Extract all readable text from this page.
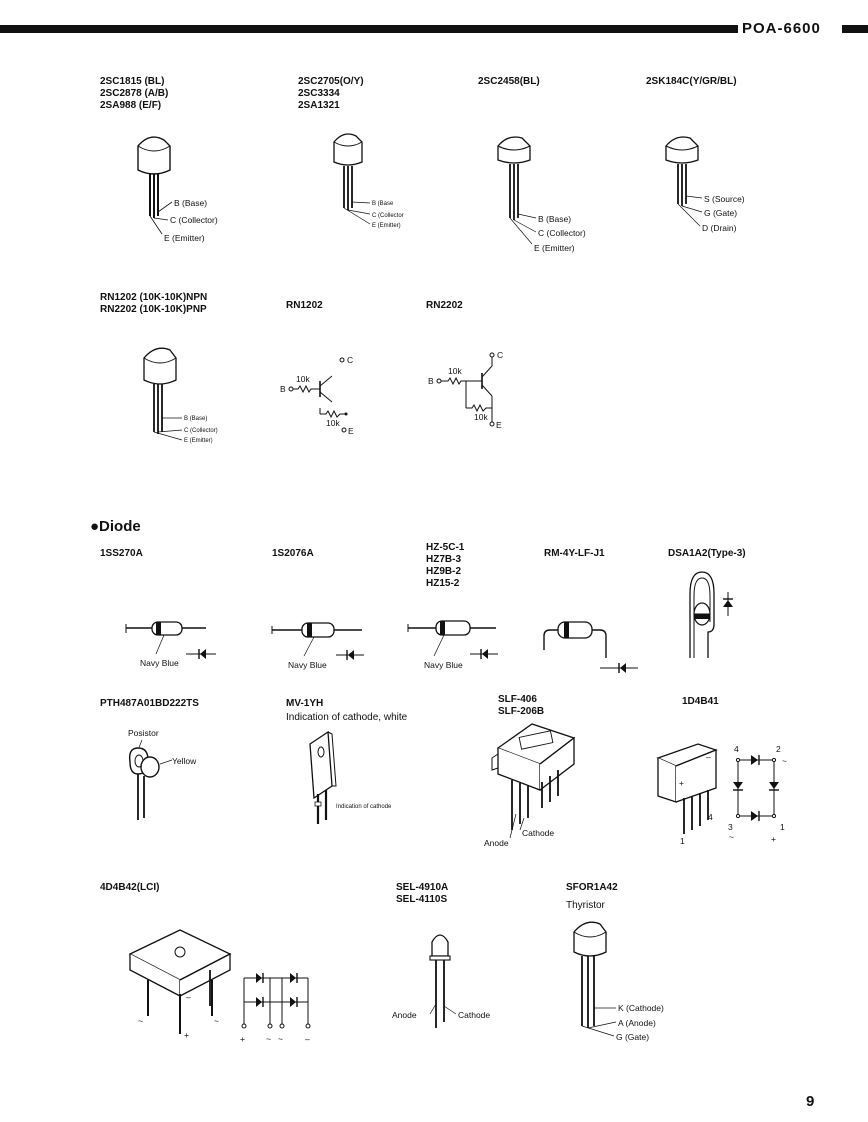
POA-6600
2SC1815 (BL)
2SC2878 (A/B)
2SA988 (E/F)
2SC2705(O/Y)
2SC3334
2SA1321
2SC2458(BL)	2SK184C(Y/GR/BL)
B (Base)
C (Collector)
E (Emitter)
B (Base
C (Collector
E (Emitter)
B (Base)
C (Collector)
E (Emitter)
S (Source)
G (Gate)
D (Drain)
RN1202 (10K-10K)NPN
RN2202 (10K-10K)PNP	RN1202	RN2202
B (Base)
C (Collector)
E (Emitter)
C
10k
B
10k
E
C
10k
B
10k
E
●Diode
1SS270A	1S2076A
HZ-5C-1
HZ7B-3
HZ9B-2
HZ15-2
RM-4Y-LF-J1	DSA1A2(Type-3)
Navy Blue	Navy Blue	Navy Blue
PTH487A01BD222TS	MV-1YH
Indication of cathode, white
SLF-406
SLF-206B
1D4B41
Posistor
Yellow
Indication of cathode
Anode
Cathode
+
–
4
1
4	2
3	1
~
~
+
4D4B42(LCI)	SEL-4910A
SEL-4110S
SFOR1A42
Thyristor
~
–
~
+	+ ~ ~	–
Anode	Cathode
K (Cathode)
A (Anode)
G (Gate)
9
